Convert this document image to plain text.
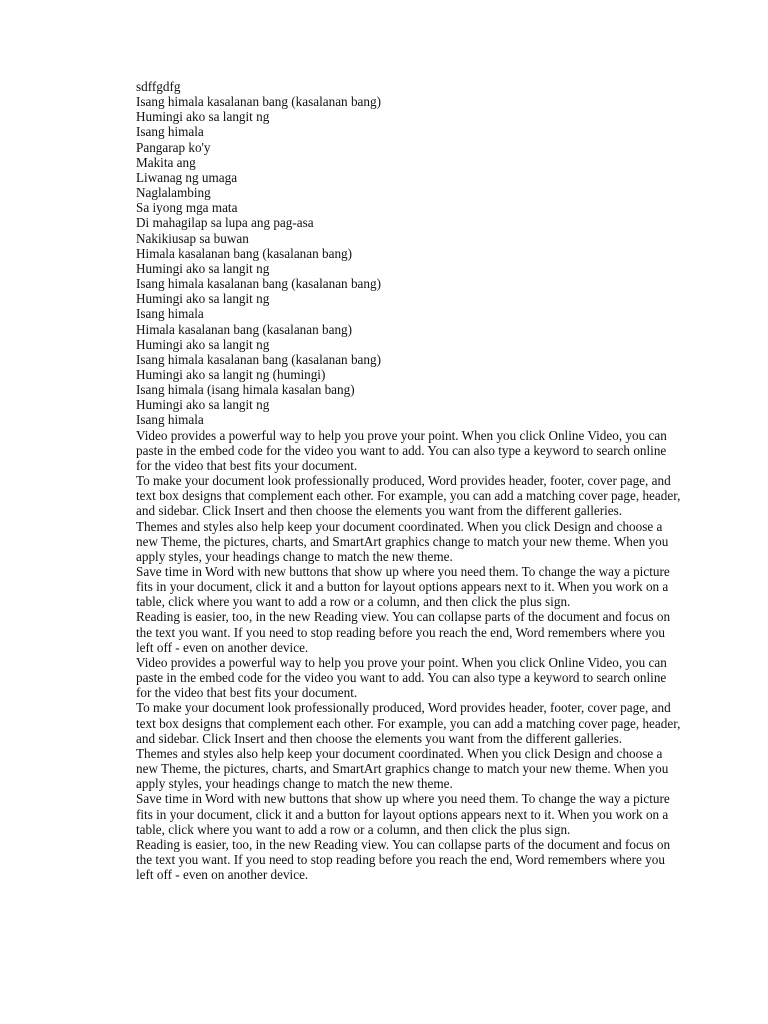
sdffgdfg

Isang himala kasalanan bang (kasalanan bang)

Humingi ako sa langit ng

Isang himala

Pangarap ko'y

Makita ang

Liwanag ng umaga

Naglalambing

Sa iyong mga mata

Di mahagilap sa lupa ang pag-asa

Nakikiusap sa buwan

Himala kasalanan bang (kasalanan bang)

Humingi ako sa langit ng

Isang himala kasalanan bang (kasalanan bang)

Humingi ako sa langit ng

Isang himala

Himala kasalanan bang (kasalanan bang)

Humingi ako sa langit ng

Isang himala kasalanan bang (kasalanan bang)

Humingi ako sa langit ng (humingi)

Isang himala (isang himala kasalan bang)

Humingi ako sa langit ng

Isang himala

Video provides a powerful way to help you prove your point. When you click Online Video, you can paste in the embed code for the video you want to add. You can also type a keyword to search online for the video that best fits your document.

To make your document look professionally produced, Word provides header, footer, cover page, and text box designs that complement each other. For example, you can add a matching cover page, header, and sidebar. Click Insert and then choose the elements you want from the different galleries.

Themes and styles also help keep your document coordinated. When you click Design and choose a new Theme, the pictures, charts, and SmartArt graphics change to match your new theme. When you apply styles, your headings change to match the new theme.

Save time in Word with new buttons that show up where you need them. To change the way a picture fits in your document, click it and a button for layout options appears next to it. When you work on a table, click where you want to add a row or a column, and then click the plus sign.

Reading is easier, too, in the new Reading view. You can collapse parts of the document and focus on the text you want. If you need to stop reading before you reach the end, Word remembers where you left off - even on another device.

Video provides a powerful way to help you prove your point. When you click Online Video, you can paste in the embed code for the video you want to add. You can also type a keyword to search online for the video that best fits your document.

To make your document look professionally produced, Word provides header, footer, cover page, and text box designs that complement each other. For example, you can add a matching cover page, header, and sidebar. Click Insert and then choose the elements you want from the different galleries.

Themes and styles also help keep your document coordinated. When you click Design and choose a new Theme, the pictures, charts, and SmartArt graphics change to match your new theme. When you apply styles, your headings change to match the new theme.

Save time in Word with new buttons that show up where you need them. To change the way a picture fits in your document, click it and a button for layout options appears next to it. When you work on a table, click where you want to add a row or a column, and then click the plus sign.

Reading is easier, too, in the new Reading view. You can collapse parts of the document and focus on the text you want. If you need to stop reading before you reach the end, Word remembers where you left off - even on another device.
